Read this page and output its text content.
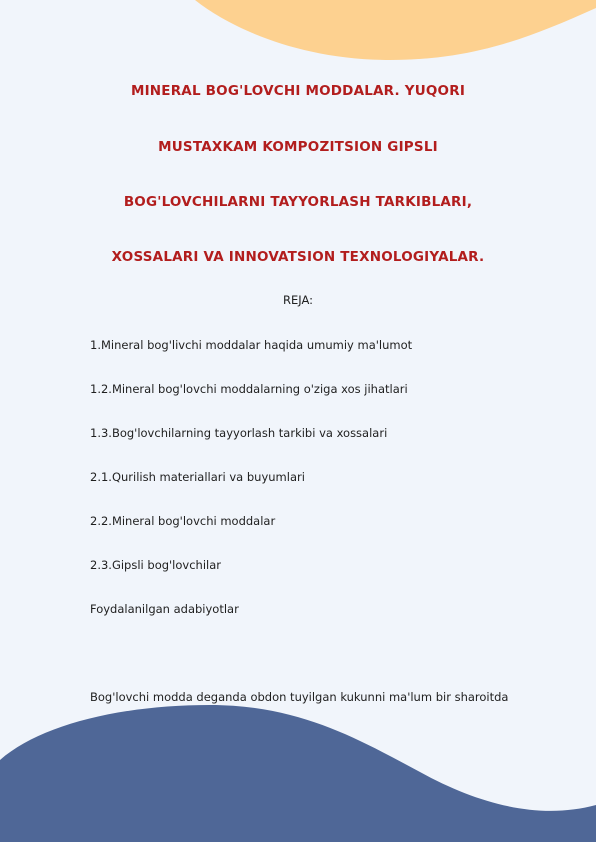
MINERAL BOG'LOVCHI MODDALAR. YUQORI
MUSTAXKAM KOMPOZITSION GIPSLI
BOG'LOVCHILARNI TAYYORLASH TARKIBLARI,
XOSSALARI VA INNOVATSION TEXNOLOGIYALAR.
REJA:
1.Mineral bog'livchi moddalar haqida umumiy ma'lumot
1.2.Mineral bog'lovchi moddalarning o'ziga xos jihatlari
1.3.Bog'lovchilarning tayyorlash tarkibi va xossalari
2.1.Qurilish materiallari va buyumlari
2.2.Mineral bog'lovchi moddalar
2.3.Gipsli bog'lovchilar
Foydalanilgan adabiyotlar
Bog'lovchi modda deganda obdon tuyilgan kukunni ma'lum bir sharoitda
